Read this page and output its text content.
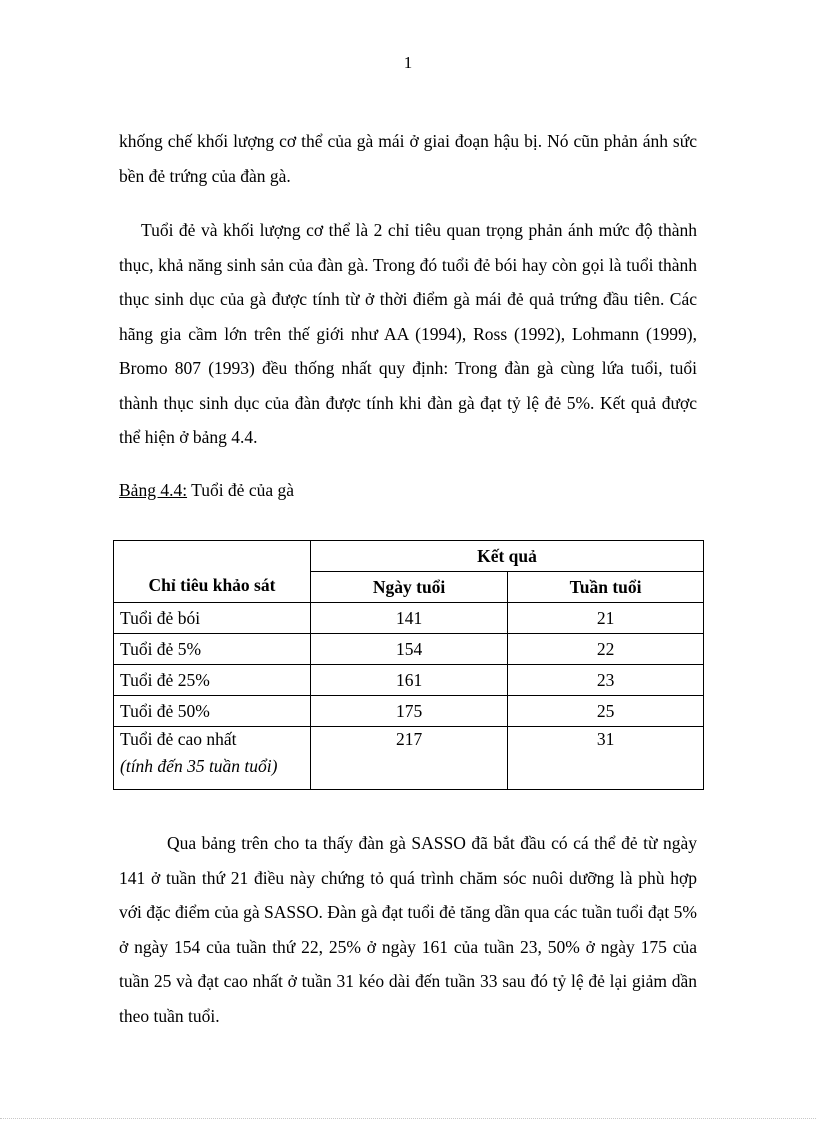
1

khống chế khối lượng cơ thể của gà mái ở giai đoạn hậu bị. Nó cũn phản ánh sức bền đẻ trứng của đàn gà.

Tuổi đẻ và khối lượng cơ thể là 2 chỉ tiêu quan trọng phản ánh mức độ thành thục, khả năng sinh sản của đàn gà. Trong đó tuổi đẻ bói hay còn gọi là tuổi thành thục sinh dục của gà được tính từ ở thời điểm gà mái đẻ quả trứng đầu tiên. Các hãng gia cầm lớn trên thế giới như AA (1994), Ross (1992), Lohmann (1999), Bromo 807 (1993) đều thống nhất quy định: Trong đàn gà cùng lứa tuổi, tuổi thành thục sinh dục của đàn được tính khi đàn gà đạt tỷ lệ đẻ 5%. Kết quả được thể hiện ở bảng 4.4.

Bảng 4.4: Tuổi đẻ của gà
Chỉ tiêu khảo sát	Kết quả	
	Ngày tuổi	Tuần tuổi
Tuổi đẻ bói	141	21
Tuổi đẻ 5%	154	22
Tuổi đẻ 25%	161	23
Tuổi đẻ 50%	175	25
Tuổi đẻ cao nhất
(tính đến 35 tuần tuổi)	217	31

Qua bảng trên cho ta thấy đàn gà SASSO đã bắt đầu có cá thể đẻ từ ngày 141 ở tuần thứ 21 điều này chứng tỏ quá trình chăm sóc nuôi dưỡng là phù hợp với đặc điểm của gà SASSO. Đàn gà đạt tuổi đẻ tăng dần qua các tuần tuổi đạt 5% ở ngày 154 của tuần thứ 22, 25% ở ngày 161 của tuần 23, 50% ở ngày 175 của tuần 25 và đạt cao nhất ở tuần 31 kéo dài đến tuần 33 sau đó tỷ lệ đẻ lại giảm dần theo tuần tuổi.
